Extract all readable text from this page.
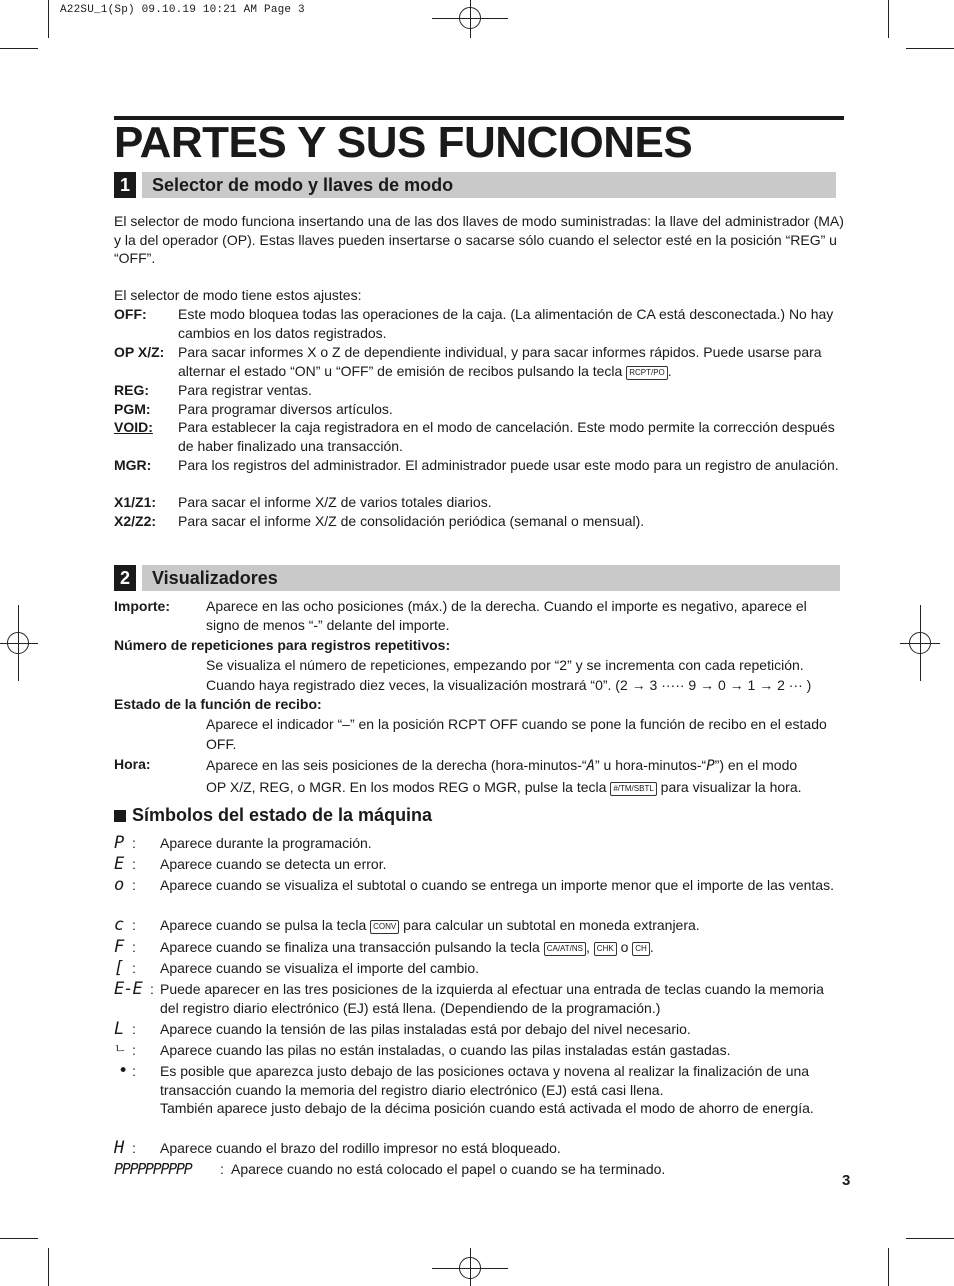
A22SU_1(Sp) 09.10.19 10:21 AM Page 3
PARTES Y SUS FUNCIONES
1	Selector de modo y llaves de modo

El selector de modo funciona insertando una de las dos llaves de modo suministradas: la llave del administrador (MA) y la del operador (OP). Estas llaves pueden insertarse o sacarse sólo cuando el selector esté en la posición “REG” u “OFF”.

El selector de modo tiene estos ajustes:
OFF: Este modo bloquea todas las operaciones de la caja. (La alimentación de CA está desconectada.) No hay cambios en los datos registrados.
OP X/Z: Para sacar informes X o Z de dependiente individual, y para sacar informes rápidos. Puede usarse para alternar el estado “ON” u “OFF” de emisión de recibos pulsando la tecla RCPT/PO .
REG: Para registrar ventas.
PGM: Para programar diversos artículos.
VOID: Para establecer la caja registradora en el modo de cancelación. Este modo permite la corrección después de haber finalizado una transacción.
MGR: Para los registros del administrador. El administrador puede usar este modo para un registro de anulación.
X1/Z1: Para sacar el informe X/Z de varios totales diarios.
X2/Z2: Para sacar el informe X/Z de consolidación periódica (semanal o mensual).
2	Visualizadores
Importe:	Aparece en las ocho posiciones (máx.) de la derecha. Cuando el importe es negativo, aparece el signo de menos “-” delante del importe.
Número de repeticiones para registros repetitivos:
Se visualiza el número de repeticiones, empezando por “2” y se incrementa con cada repetición.
Cuando haya registrado diez veces, la visualización mostrará “0”. (2 → 3 ····· 9 → 0 → 1 → 2 ··· )
Estado de la función de recibo:
Aparece el indicador “–” en la posición RCPT OFF cuando se pone la función de recibo en el estado OFF.
Hora:	Aparece en las seis posiciones de la derecha (hora-minutos-“A” u hora-minutos-“P”) en el modo
OP X/Z, REG, o MGR. En los modos REG o MGR, pulse la tecla #/TM/SBTL para visualizar la hora.
Símbolos del estado de la máquina
P : Aparece durante la programación.
E : Aparece cuando se detecta un error.
o : Aparece cuando se visualiza el subtotal o cuando se entrega un importe menor que el importe de las ventas.
c : Aparece cuando se pulsa la tecla CONV para calcular un subtotal en moneda extranjera.
F : Aparece cuando se finaliza una transacción pulsando la tecla CA/AT/NS , CHK o CH .
[ : Aparece cuando se visualiza el importe del cambio.
E-E : Puede aparecer en las tres posiciones de la izquierda al efectuar una entrada de teclas cuando la memoria del registro diario electrónico (EJ) está llena. (Dependiendo de la programación.)
L : Aparece cuando la tensión de las pilas instaladas está por debajo del nivel necesario.
ㄴ : Aparece cuando las pilas no están instaladas, o cuando las pilas instaladas están gastadas.
• : Es posible que aparezca justo debajo de las posiciones octava y novena al realizar la finalización de una transacción cuando la memoria del registro diario electrónico (EJ) está casi llena.
También aparece justo debajo de la décima posición cuando está activada el modo de ahorro de energía.
H : Aparece cuando el brazo del rodillo impresor no está bloqueado.
PPPPPPPPPP : Aparece cuando no está colocado el papel o cuando se ha terminado.
3
